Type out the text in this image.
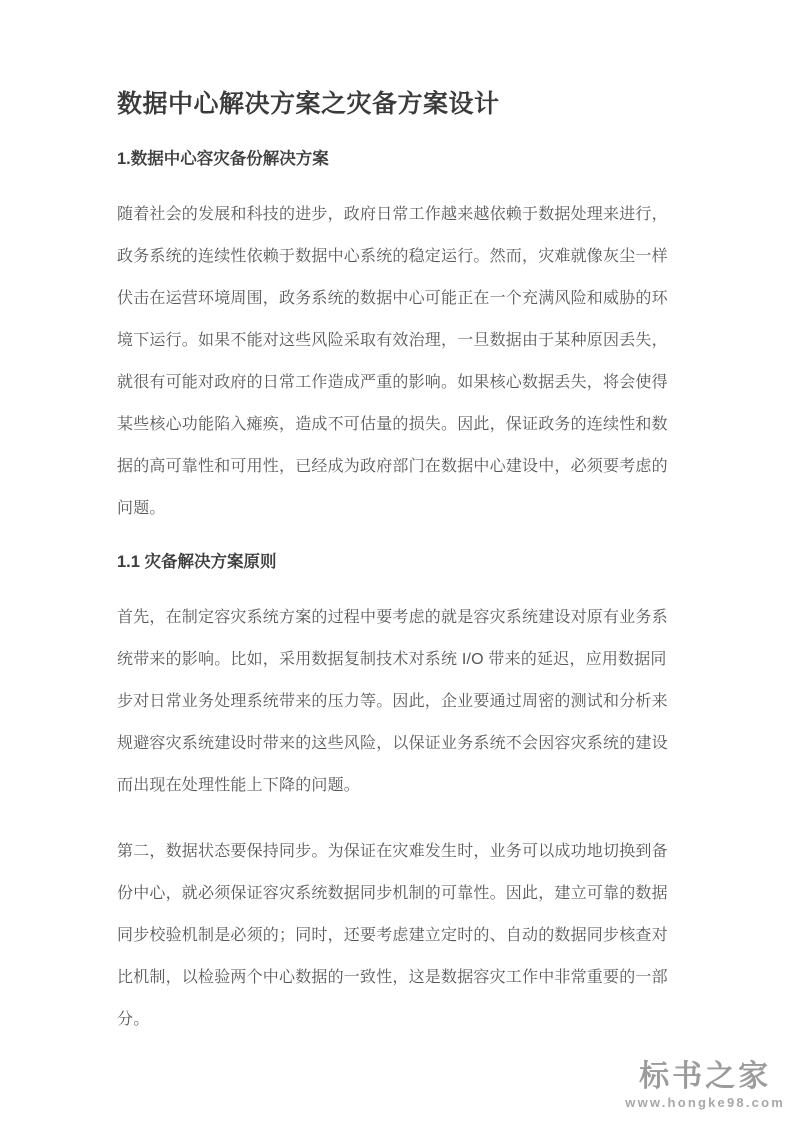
数据中心解决方案之灾备方案设计
1.数据中心容灾备份解决方案

随着社会的发展和科技的进步，政府日常工作越来越依赖于数据处理来进行，政务系统的连续性依赖于数据中心系统的稳定运行。然而，灾难就像灰尘一样伏击在运营环境周围，政务系统的数据中心可能正在一个充满风险和威胁的环境下运行。如果不能对这些风险采取有效治理，一旦数据由于某种原因丢失，就很有可能对政府的日常工作造成严重的影响。如果核心数据丢失，将会使得某些核心功能陷入瘫痪，造成不可估量的损失。因此，保证政务的连续性和数据的高可靠性和可用性，已经成为政府部门在数据中心建设中，必须要考虑的问题。

1.1 灾备解决方案原则

首先，在制定容灾系统方案的过程中要考虑的就是容灾系统建设对原有业务系统带来的影响。比如，采用数据复制技术对系统 I/O 带来的延迟，应用数据同步对日常业务处理系统带来的压力等。因此，企业要通过周密的测试和分析来规避容灾系统建设时带来的这些风险，以保证业务系统不会因容灾系统的建设而出现在处理性能上下降的问题。

第二，数据状态要保持同步。为保证在灾难发生时，业务可以成功地切换到备份中心，就必须保证容灾系统数据同步机制的可靠性。因此，建立可靠的数据同步校验机制是必须的；同时，还要考虑建立定时的、自动的数据同步核查对比机制，以检验两个中心数据的一致性，这是数据容灾工作中非常重要的一部分。

标书之家
www.hongke98.com
